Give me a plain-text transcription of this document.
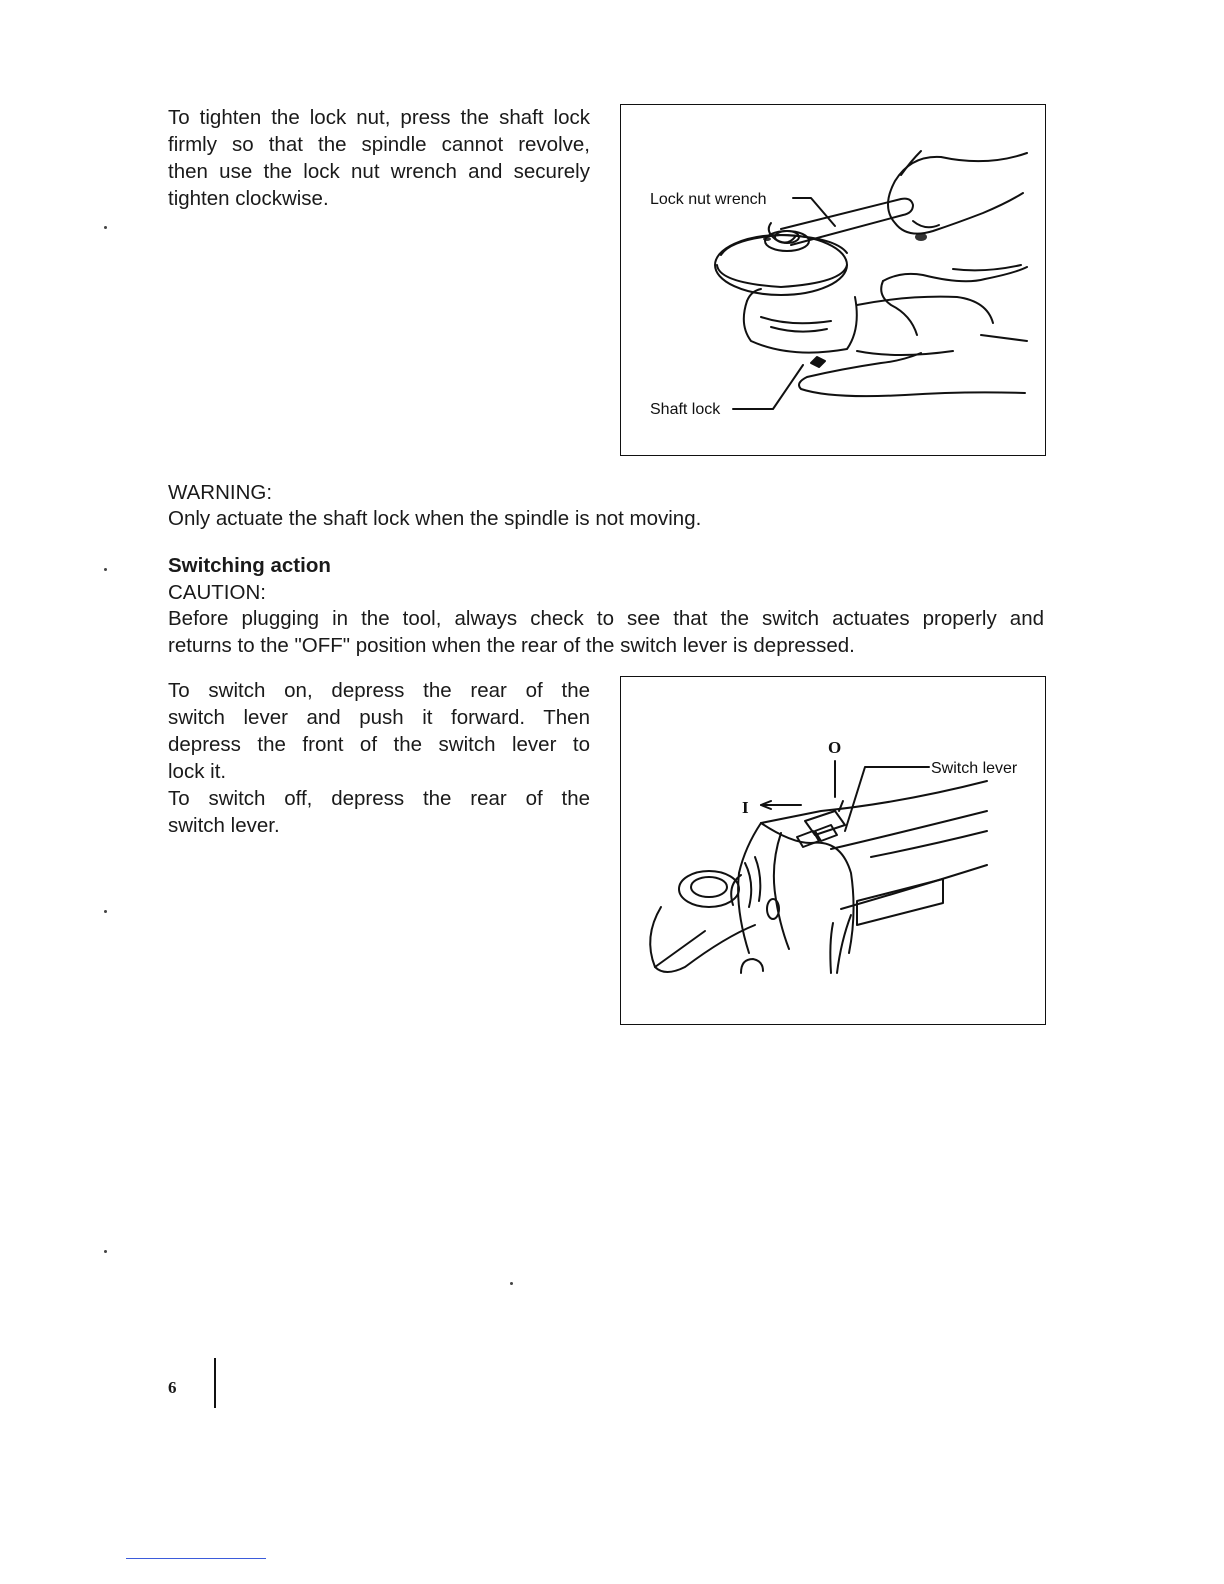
To tighten the lock nut, press the shaft lock
firmly so that the spindle cannot revolve,
then use the lock nut wrench and securely
tighten clockwise.	Lock nut wrench
Shaft lock
WARNING:
Only actuate the shaft lock when the spindle is not moving.
Switching action
CAUTION:
Before plugging in the tool, always check to see that the switch actuates properly and
returns to the "OFF" position when the rear of the switch lever is depressed.
To switch on, depress the rear of the
switch lever and push it forward. Then
depress the front of the switch lever to
lock it.
To switch off, depress the rear of the
switch lever.
O
I
Switch lever
6
